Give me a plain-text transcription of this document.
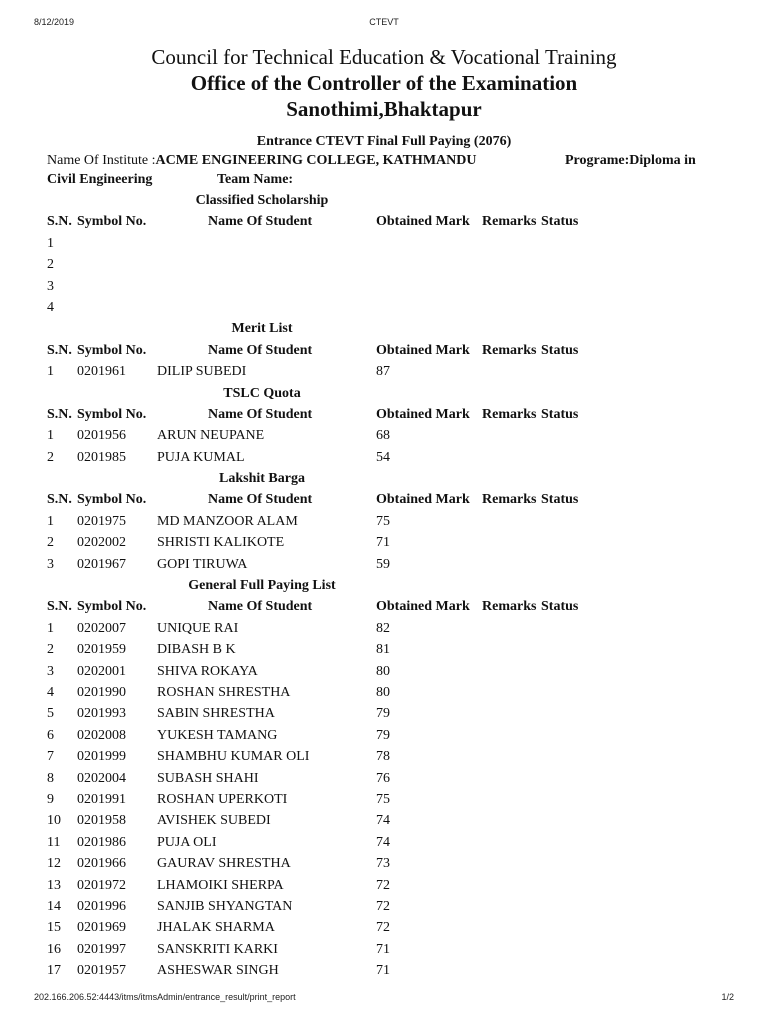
8/12/2019	CTEVT
Council for Technical Education & Vocational Training
Office of the Controller of the Examination
Sanothimi,Bhaktapur
Entrance CTEVT Final Full Paying (2076)
Name Of Institute :ACME ENGINEERING COLLEGE, KATHMANDU	Programe:Diploma in
Civil Engineering	Team Name:
Classified Scholarship
S.N. Symbol No.	Name Of Student	Obtained Mark Remarks Status
1
2
3
4
Merit List
S.N. Symbol No.	Name Of Student	Obtained Mark Remarks Status
1 0201961 DILIP SUBEDI	87
TSLC Quota
S.N. Symbol No.	Name Of Student	Obtained Mark Remarks Status
1 0201956 ARUN NEUPANE	68
2 0201985 PUJA KUMAL	54
Lakshit Barga
S.N. Symbol No.	Name Of Student	Obtained Mark Remarks Status
1 0201975 MD MANZOOR ALAM	75
2 0202002 SHRISTI KALIKOTE	71
3 0201967 GOPI TIRUWA	59
General Full Paying List
S.N. Symbol No.	Name Of Student	Obtained Mark Remarks Status
1 0202007 UNIQUE RAI	82
2 0201959 DIBASH B K	81
3 0202001 SHIVA ROKAYA	80
4 0201990 ROSHAN SHRESTHA	80
5 0201993 SABIN SHRESTHA	79
6 0202008 YUKESH TAMANG	79
7 0201999 SHAMBHU KUMAR OLI	78
8 0202004 SUBASH SHAHI	76
9 0201991 ROSHAN UPERKOTI	75
10 0201958 AVISHEK SUBEDI	74
11 0201986 PUJA OLI	74
12 0201966 GAURAV SHRESTHA	73
13 0201972 LHAMOIKI SHERPA	72
14 0201996 SANJIB SHYANGTAN	72
15 0201969 JHALAK SHARMA	72
16 0201997 SANSKRITI KARKI	71
17 0201957 ASHESWAR SINGH	71
202.166.206.52:4443/itms/itmsAdmin/entrance_result/print_report	1/2
